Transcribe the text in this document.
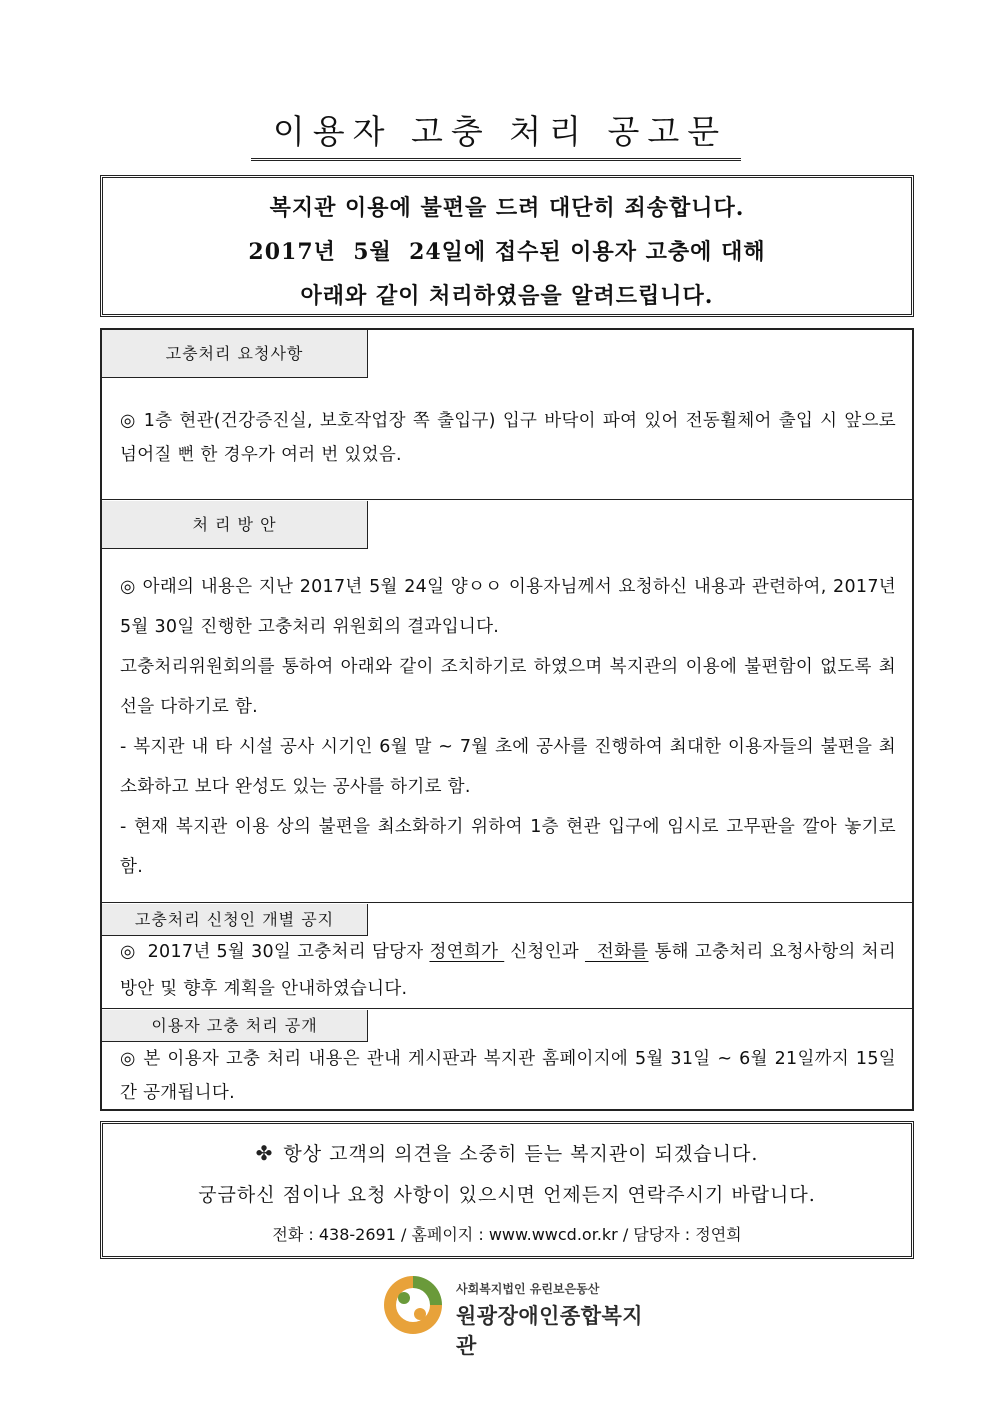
이용자 고충 처리 공고문
복지관 이용에 불편을 드려 대단히 죄송합니다.
2017년  5월  24일에 접수된 이용자 고충에 대해
아래와 같이 처리하였음을 알려드립니다.
고충처리 요청사항
◎ 1층 현관(건강증진실, 보호작업장 쪽 출입구) 입구 바닥이 파여 있어 전동휠체어 출입 시 앞으로 넘어질 뻔 한 경우가 여러 번 있었음.
처 리 방 안

◎ 아래의 내용은 지난 2017년 5월 24일 양ㅇㅇ 이용자님께서 요청하신 내용과 관련하여, 2017년 5월 30일 진행한 고충처리 위원회의 결과입니다.

고충처리위원회의를 통하여 아래와 같이 조치하기로 하였으며 복지관의 이용에 불편함이 없도록 최선을 다하기로 함.

- 복지관 내 타 시설 공사 시기인 6월 말 ~ 7월 초에 공사를 진행하여 최대한 이용자들의 불편을 최소화하고 보다 완성도 있는 공사를 하기로 함.

- 현재 복지관 이용 상의 불편을 최소화하기 위하여 1층 현관 입구에 임시로 고무판을 깔아 놓기로 함.

고충처리 신청인 개별 공지
◎  2017년 5월 30일 고충처리 담당자 정연희가  신청인과   전화를 통해 고충처리 요청사항의 처리방안 및 향후 계획을 안내하였습니다.
이용자 고충 처리 공개
◎ 본 이용자 고충 처리 내용은 관내 게시판과 복지관 홈페이지에 5월 31일 ~ 6월 21일까지 15일 간 공개됩니다.
✤ 항상 고객의 의견을 소중히 듣는 복지관이 되겠습니다.
궁금하신 점이나 요청 사항이 있으시면 언제든지 연락주시기 바랍니다.
전화 : 438-2691 / 홈페이지 : www.wwcd.or.kr / 담당자 : 정연희
사회복지법인 유린보은동산
원광장애인종합복지관
